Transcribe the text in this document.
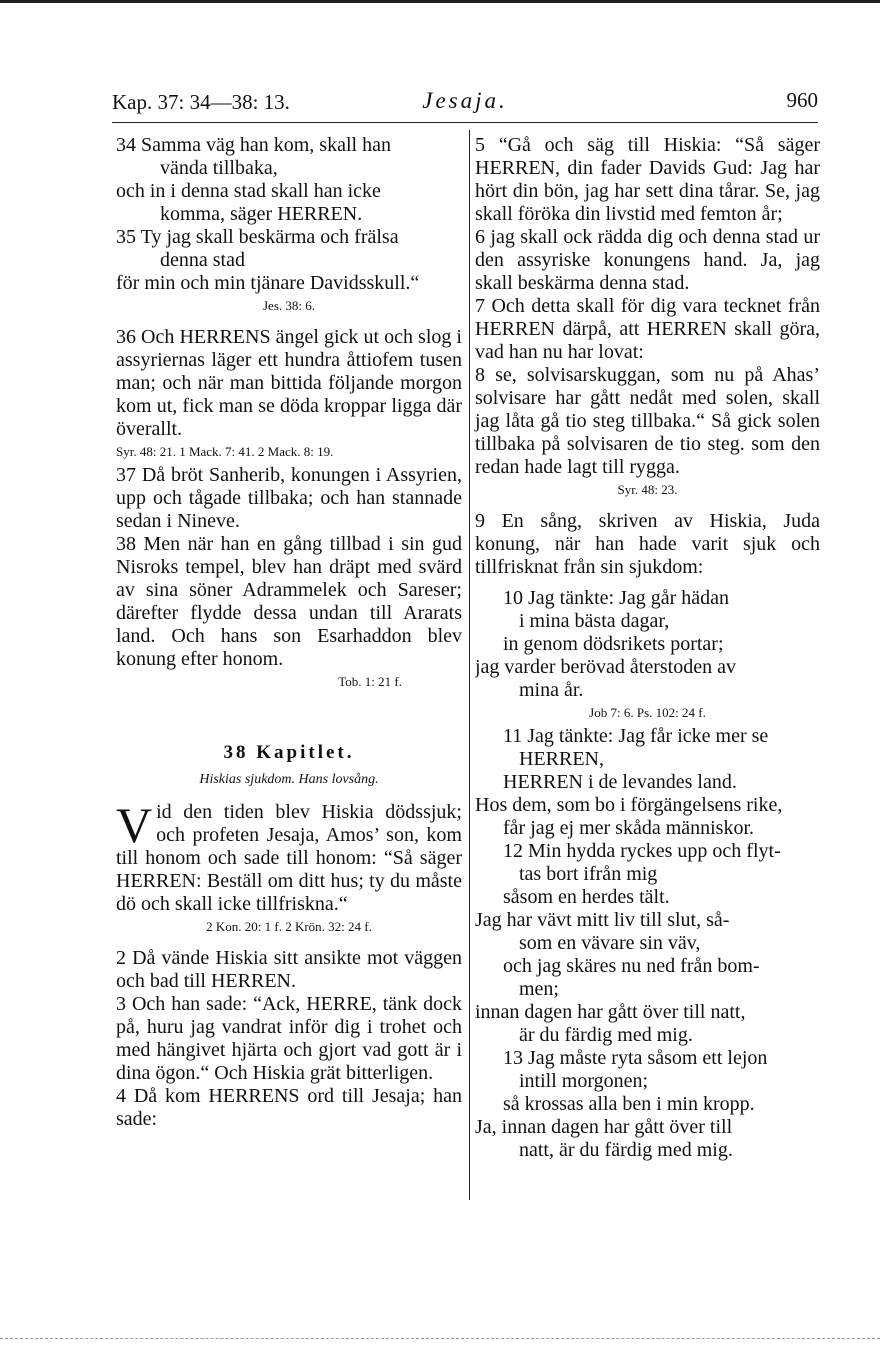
Kap. 37: 34—38: 13.	Jesaja.	960
34 Samma väg han kom, skall han
vända tillbaka,
och in i denna stad skall han icke
komma, säger HERREN.
35 Ty jag skall beskärma och frälsa
denna stad
för min och min tjänare Davidsskull.“
Jes. 38: 6.

36 Och HERRENS ängel gick ut och slog i assyriernas läger ett hundra åttiofem tusen man; och när man bittida följande morgon kom ut, fick man se döda kroppar ligga där överallt.

Syr. 48: 21. 1 Mack. 7: 41. 2 Mack. 8: 19.

37 Då bröt Sanherib, konungen i Assyrien, upp och tågade tillbaka; och han stannade sedan i Nineve.

38 Men när han en gång tillbad i sin gud Nisroks tempel, blev han dräpt med svärd av sina söner Adrammelek och Sareser; därefter flydde dessa undan till Ararats land. Och hans son Esarhaddon blev konung efter honom.

Tob. 1: 21 f.
38 Kapitlet.
Hiskias sjukdom. Hans lovsång.
V id den tiden blev Hiskia dödssjuk; och profeten Jesaja, Amos’ son, kom till honom och sade till honom: “Så säger HERREN: Beställ om ditt hus; ty du måste dö och skall icke tillfriskna.“

2 Kon. 20: 1 f. 2 Krön. 32: 24 f.

2 Då vände Hiskia sitt ansikte mot väggen och bad till HERREN.

3 Och han sade: “Ack, HERRE, tänk dock på, huru jag vandrat inför dig i trohet och med hängivet hjärta och gjort vad gott är i dina ögon.“ Och Hiskia grät bitterligen.

4 Då kom HERRENS ord till Jesaja; han sade:

5 “Gå och säg till Hiskia: “Så säger HERREN, din fader Davids Gud: Jag har hört din bön, jag har sett dina tårar. Se, jag skall föröka din livstid med femton år;

6 jag skall ock rädda dig och denna stad ur den assyriske konungens hand. Ja, jag skall beskärma denna stad.

7 Och detta skall för dig vara tecknet från HERREN därpå, att HERREN skall göra, vad han nu har lovat:

8 se, solvisarskuggan, som nu på Ahas’ solvisare har gått nedåt med solen, skall jag låta gå tio steg tillbaka.“ Så gick solen tillbaka på solvisaren de tio steg. som den redan hade lagt till rygga.

Syr. 48: 23.

9 En sång, skriven av Hiskia, Juda konung, när han hade varit sjuk och tillfrisknat från sin sjukdom:

10 Jag tänkte: Jag går hädan
i mina bästa dagar,
in genom dödsrikets portar;
jag varder berövad återstoden av
mina år.
Job 7: 6. Ps. 102: 24 f.
11 Jag tänkte: Jag får icke mer se
HERREN,
HERREN i de levandes land.
Hos dem, som bo i förgängelsens rike,
får jag ej mer skåda människor.
12 Min hydda ryckes upp och flyt-
tas bort ifrån mig
såsom en herdes tält.
Jag har vävt mitt liv till slut, så-
som en vävare sin väv,
och jag skäres nu ned från bom-
men;
innan dagen har gått över till natt,
är du färdig med mig.
13 Jag måste ryta såsom ett lejon
intill morgonen;
så krossas alla ben i min kropp.
Ja, innan dagen har gått över till
natt, är du färdig med mig.
